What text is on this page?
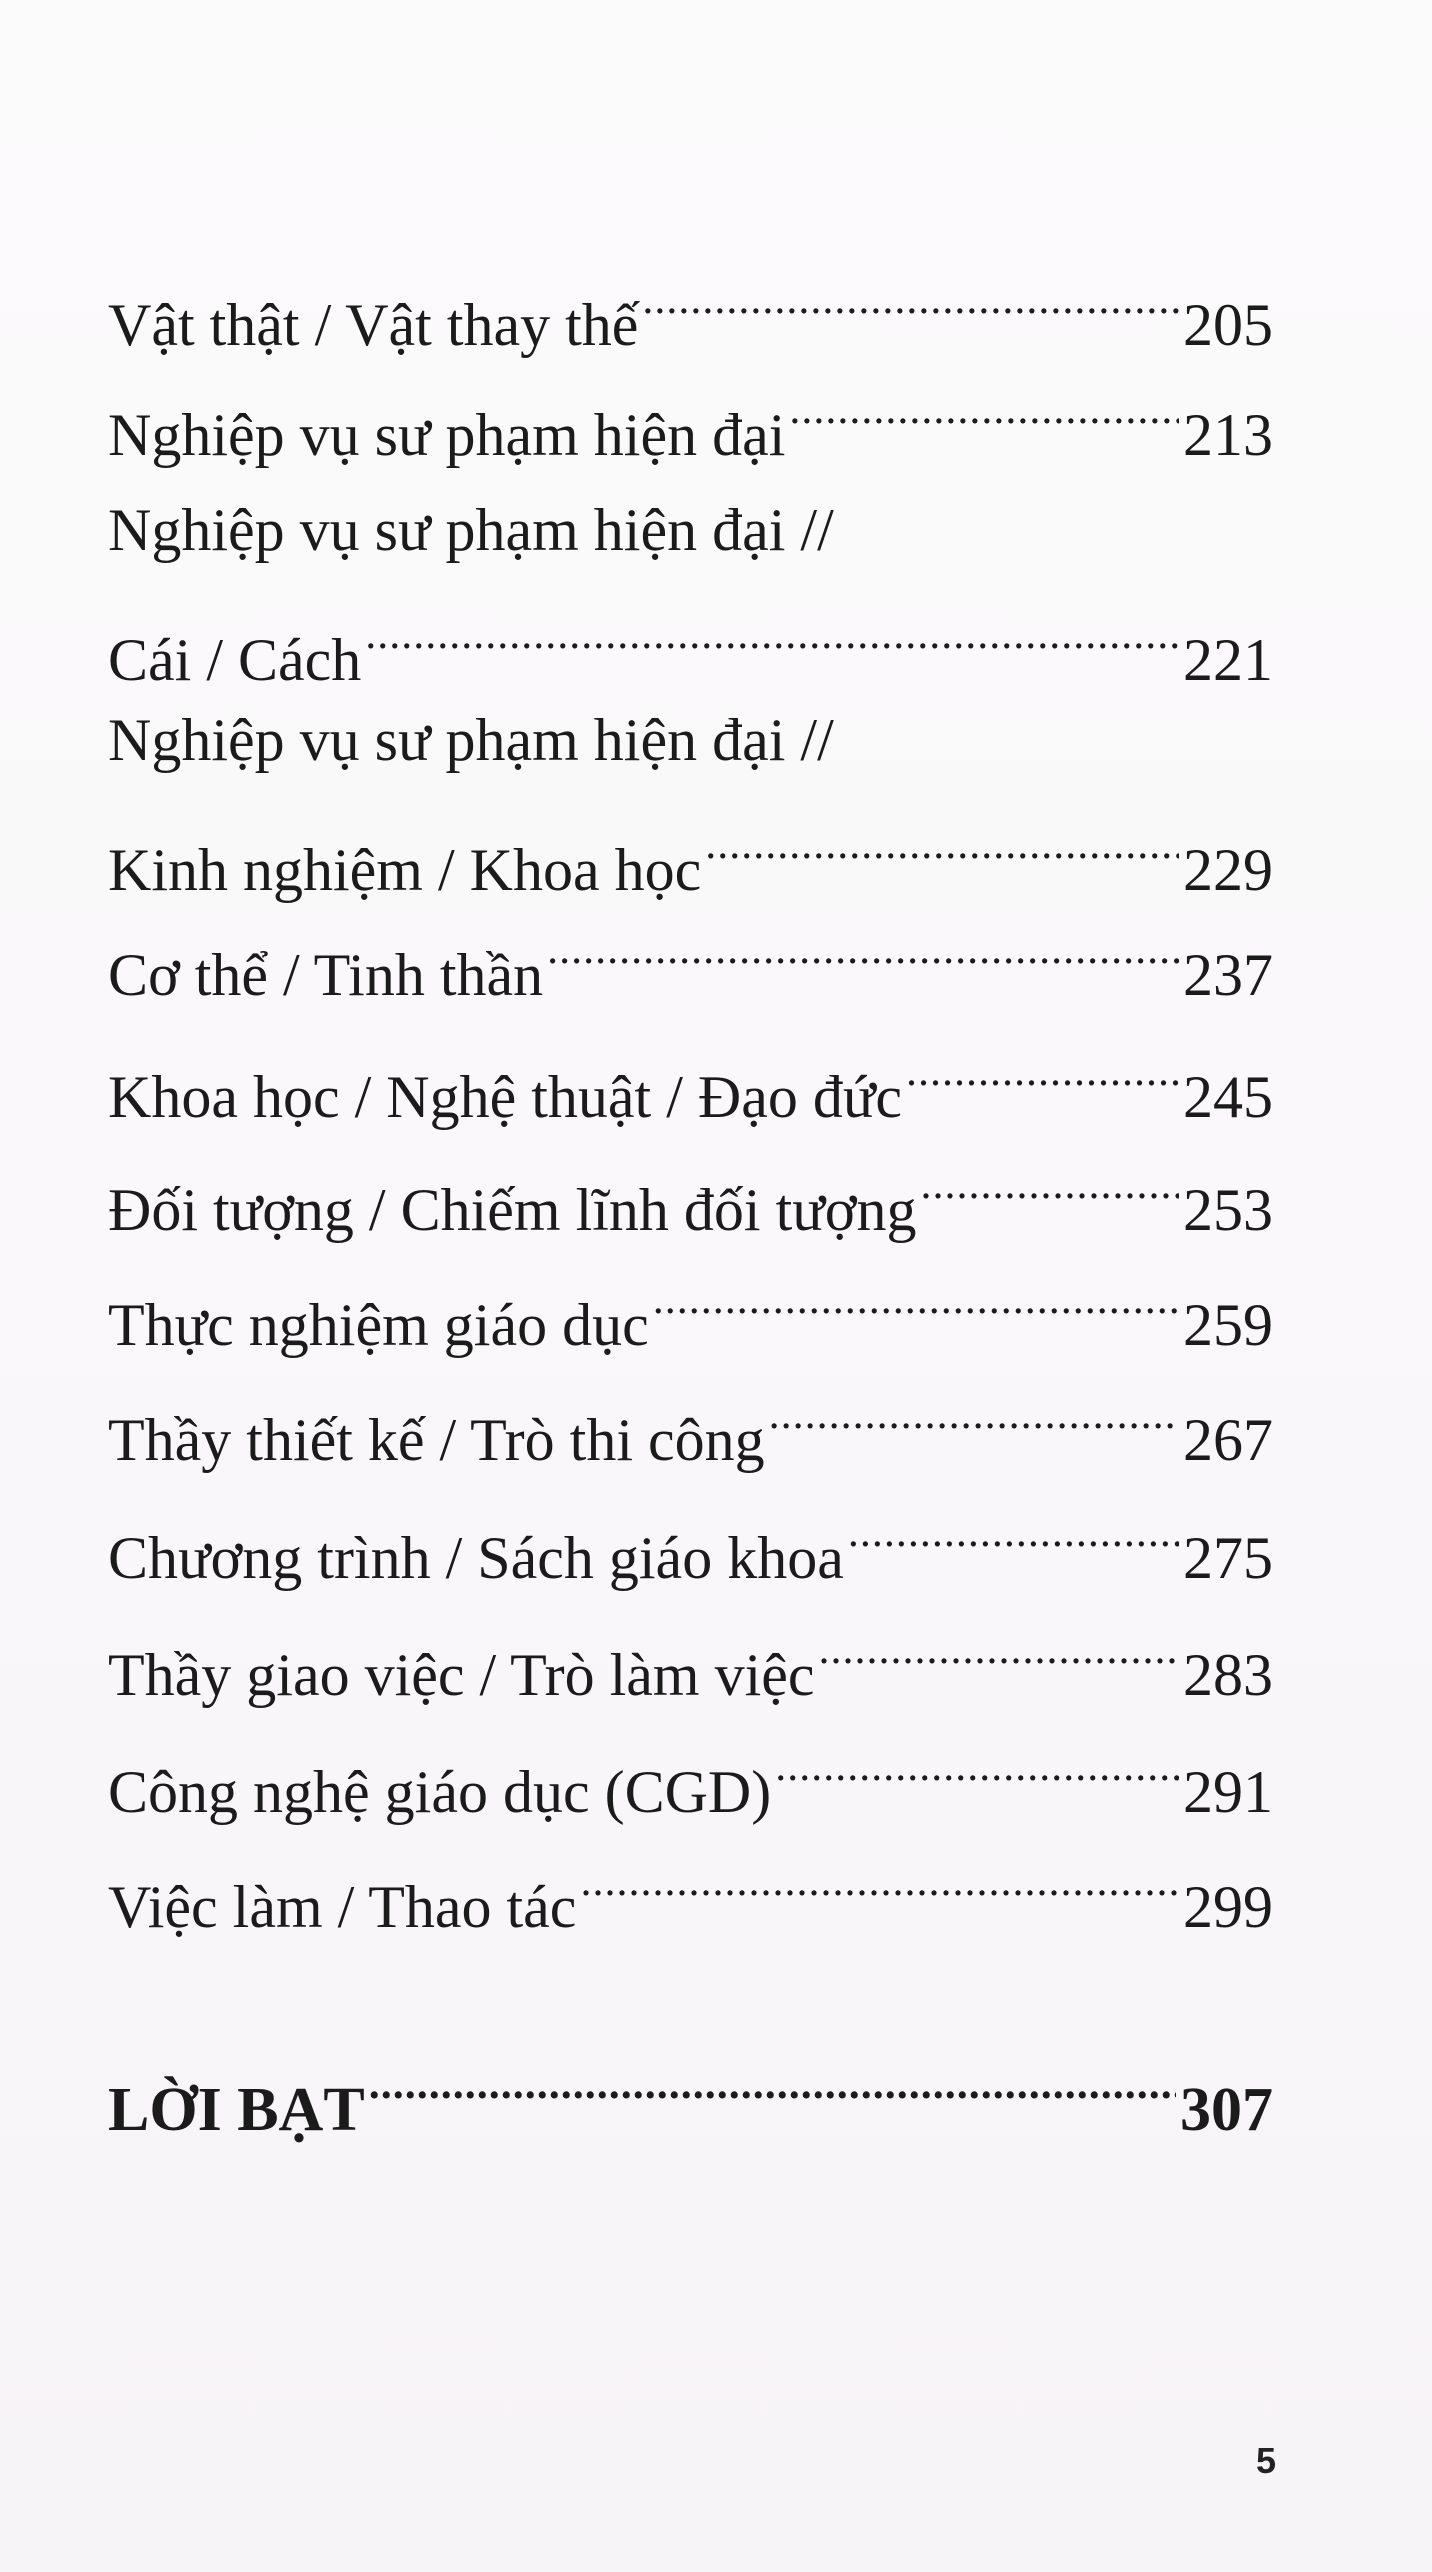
Vật thật / Vật thay thế .....	205
Nghiệp vụ sư phạm hiện đại .....	213
Nghiệp vụ sư phạm hiện đại //
Cái / Cách .....	221
Nghiệp vụ sư phạm hiện đại //
Kinh nghiệm / Khoa học .....	229
Cơ thể / Tinh thần .....	237
Khoa học / Nghệ thuật / Đạo đức .....	245
Đối tượng / Chiếm lĩnh đối tượng .....	253
Thực nghiệm giáo dục .....	259
Thầy thiết kế / Trò thi công .....	267
Chương trình / Sách giáo khoa .....	275
Thầy giao việc / Trò làm việc .....	283
Công nghệ giáo dục (CGD) .....	291
Việc làm / Thao tác .....	299
LỜI BẠT .....	307
5
